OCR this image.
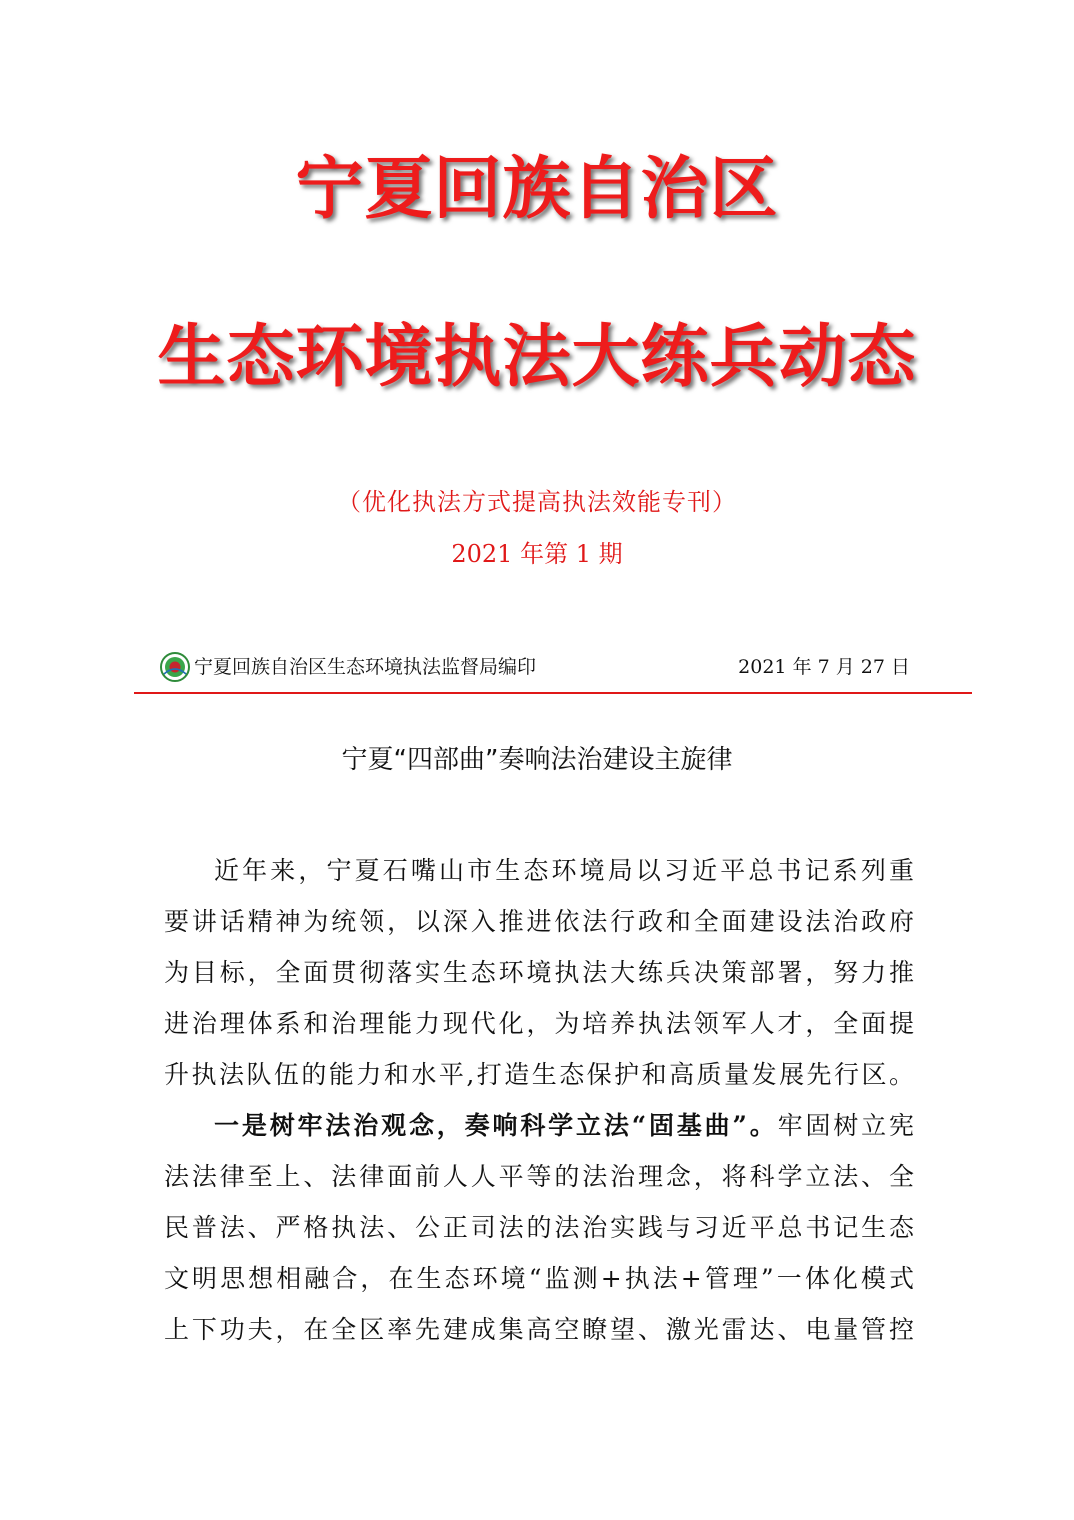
宁夏回族自治区
生态环境执法大练兵动态
（优化执法方式提高执法效能专刊）
2021 年第 1 期
宁夏回族自治区生态环境执法监督局编印	2021 年 7 月 27 日
宁夏“四部曲”奏响法治建设主旋律
近年来，宁夏石嘴山市生态环境局以习近平总书记系列重
要讲话精神为统领，以深入推进依法行政和全面建设法治政府
为目标，全面贯彻落实生态环境执法大练兵决策部署，努力推
进治理体系和治理能力现代化，为培养执法领军人才，全面提
升执法队伍的能力和水平,打造生态保护和高质量发展先行区。
一是树牢法治观念，奏响科学立法“固基曲”。牢固树立宪
法法律至上、法律面前人人平等的法治理念，将科学立法、全
民普法、严格执法、公正司法的法治实践与习近平总书记生态
文明思想相融合，在生态环境“监测+执法+管理”一体化模式
上下功夫，在全区率先建成集高空瞭望、激光雷达、电量管控
